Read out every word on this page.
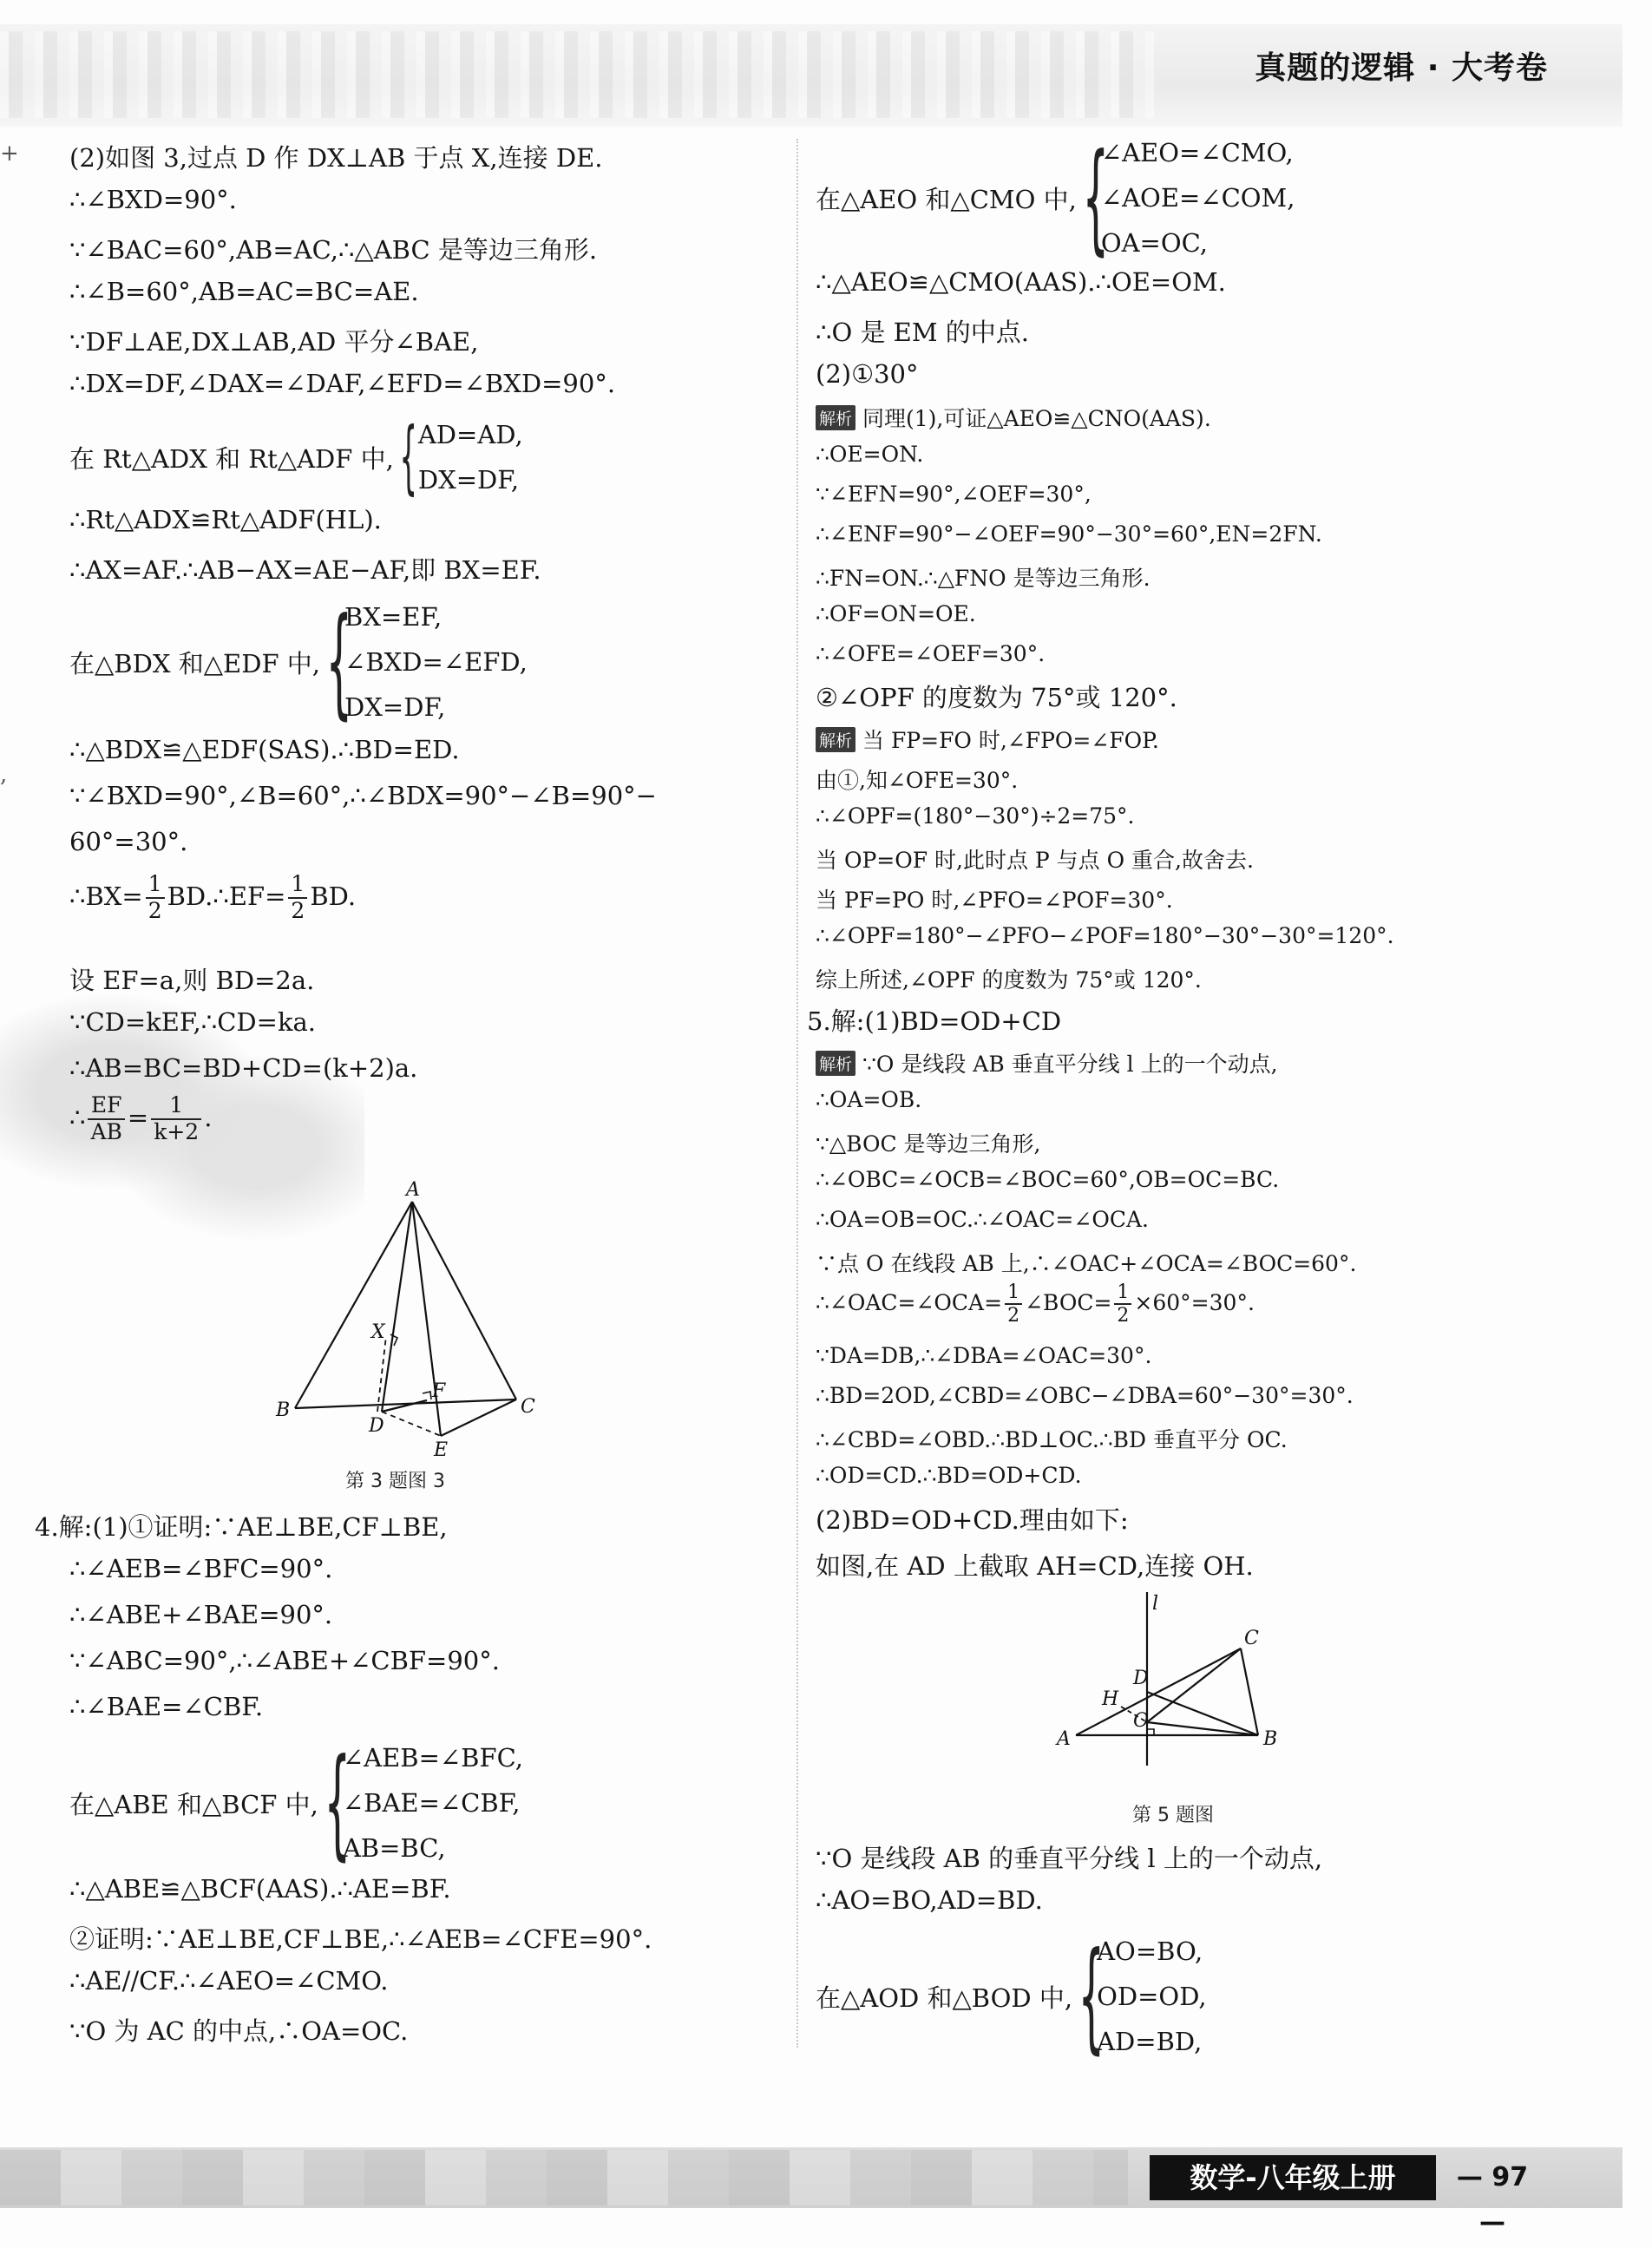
真题的逻辑 · 大考卷
+
,
(2)如图 3,过点 D 作 DX⊥AB 于点 X,连接 DE.
∴∠BXD=90°.
∵∠BAC=60°,AB=AC,∴△ABC 是等边三角形.
∴∠B=60°,AB=AC=BC=AE.
∵DF⊥AE,DX⊥AB,AD 平分∠BAE,
∴DX=DF,∠DAX=∠DAF,∠EFD=∠BXD=90°.
在 Rt△ADX 和 Rt△ADF 中, { AD=AD,
DX=DF,
∴Rt△ADX≌Rt△ADF(HL).
∴AX=AF.∴AB−AX=AE−AF,即 BX=EF.
在△BDX 和△EDF 中, {
BX=EF,
∠BXD=∠EFD,
DX=DF,
∴△BDX≌△EDF(SAS).∴BD=ED.
∵∠BXD=90°,∠B=60°,∴∠BDX=90°−∠B=90°−
60°=30°.
∴BX= $\frac{1}{2}$ BD.∴EF= $\frac{1}{2}$ BD.
设 EF=a,则 BD=2a.
∵CD=kEF,∴CD=ka.
∴AB=BC=BD+CD=(k+2)a.
∴ $\frac{EF}{AB} = \frac{1}{k+2}$ .
A
B	C
D
E
F
X
第 3 题图 3
4.解:(1)①证明:∵AE⊥BE,CF⊥BE,
∴∠AEB=∠BFC=90°.
∴∠ABE+∠BAE=90°.
∵∠ABC=90°,∴∠ABE+∠CBF=90°.
∴∠BAE=∠CBF.
在△ABE 和△BCF 中, {
∠AEB=∠BFC,
∠BAE=∠CBF,
AB=BC,
∴△ABE≌△BCF(AAS).∴AE=BF.
②证明:∵AE⊥BE,CF⊥BE,∴∠AEB=∠CFE=90°.
∴AE//CF.∴∠AEO=∠CMO.
∵O 为 AC 的中点,∴OA=OC.
在△AEO 和△CMO 中, {
∠AEO=∠CMO,
∠AOE=∠COM,
OA=OC,
∴△AEO≌△CMO(AAS).∴OE=OM.
∴O 是 EM 的中点.
(2)①30°
解析 同理(1),可证△AEO≌△CNO(AAS).
∴OE=ON.
∵∠EFN=90°,∠OEF=30°,
∴∠ENF=90°−∠OEF=90°−30°=60°,EN=2FN.
∴FN=ON.∴△FNO 是等边三角形.
∴OF=ON=OE.
∴∠OFE=∠OEF=30°.
②∠OPF 的度数为 75°或 120°.
解析 当 FP=FO 时,∠FPO=∠FOP.
由①,知∠OFE=30°.
∴∠OPF=(180°−30°)÷2=75°.
当 OP=OF 时,此时点 P 与点 O 重合,故舍去.
当 PF=PO 时,∠PFO=∠POF=30°.
∴∠OPF=180°−∠PFO−∠POF=180°−30°−30°=120°.
综上所述,∠OPF 的度数为 75°或 120°.
5.解:(1)BD=OD+CD
解析 ∵O 是线段 AB 垂直平分线 l 上的一个动点,
∴OA=OB.
∵△BOC 是等边三角形,
∴∠OBC=∠OCB=∠BOC=60°,OB=OC=BC.
∴OA=OB=OC.∴∠OAC=∠OCA.
∵点 O 在线段 AB 上,∴∠OAC+∠OCA=∠BOC=60°.
∴∠OAC=∠OCA= $\frac{1}{2}$ ∠BOC= $\frac{1}{2} \times 60^\circ=30^\circ$.
∵DA=DB,∴∠DBA=∠OAC=30°.
∴BD=2OD,∠CBD=∠OBC−∠DBA=60°−30°=30°.
∴∠CBD=∠OBD.∴BD⊥OC.∴BD 垂直平分 OC.
∴OD=CD.∴BD=OD+CD.
(2)BD=OD+CD.理由如下:
如图,在 AD 上截取 AH=CD,连接 OH.
l
A	B
C
D
H
O
第 5 题图
∵O 是线段 AB 的垂直平分线 l 上的一个动点,
∴AO=BO,AD=BD.
在△AOD 和△BOD 中, {
AO=BO,
OD=OD,
AD=BD,
数学-八年级上册	— 97 —
